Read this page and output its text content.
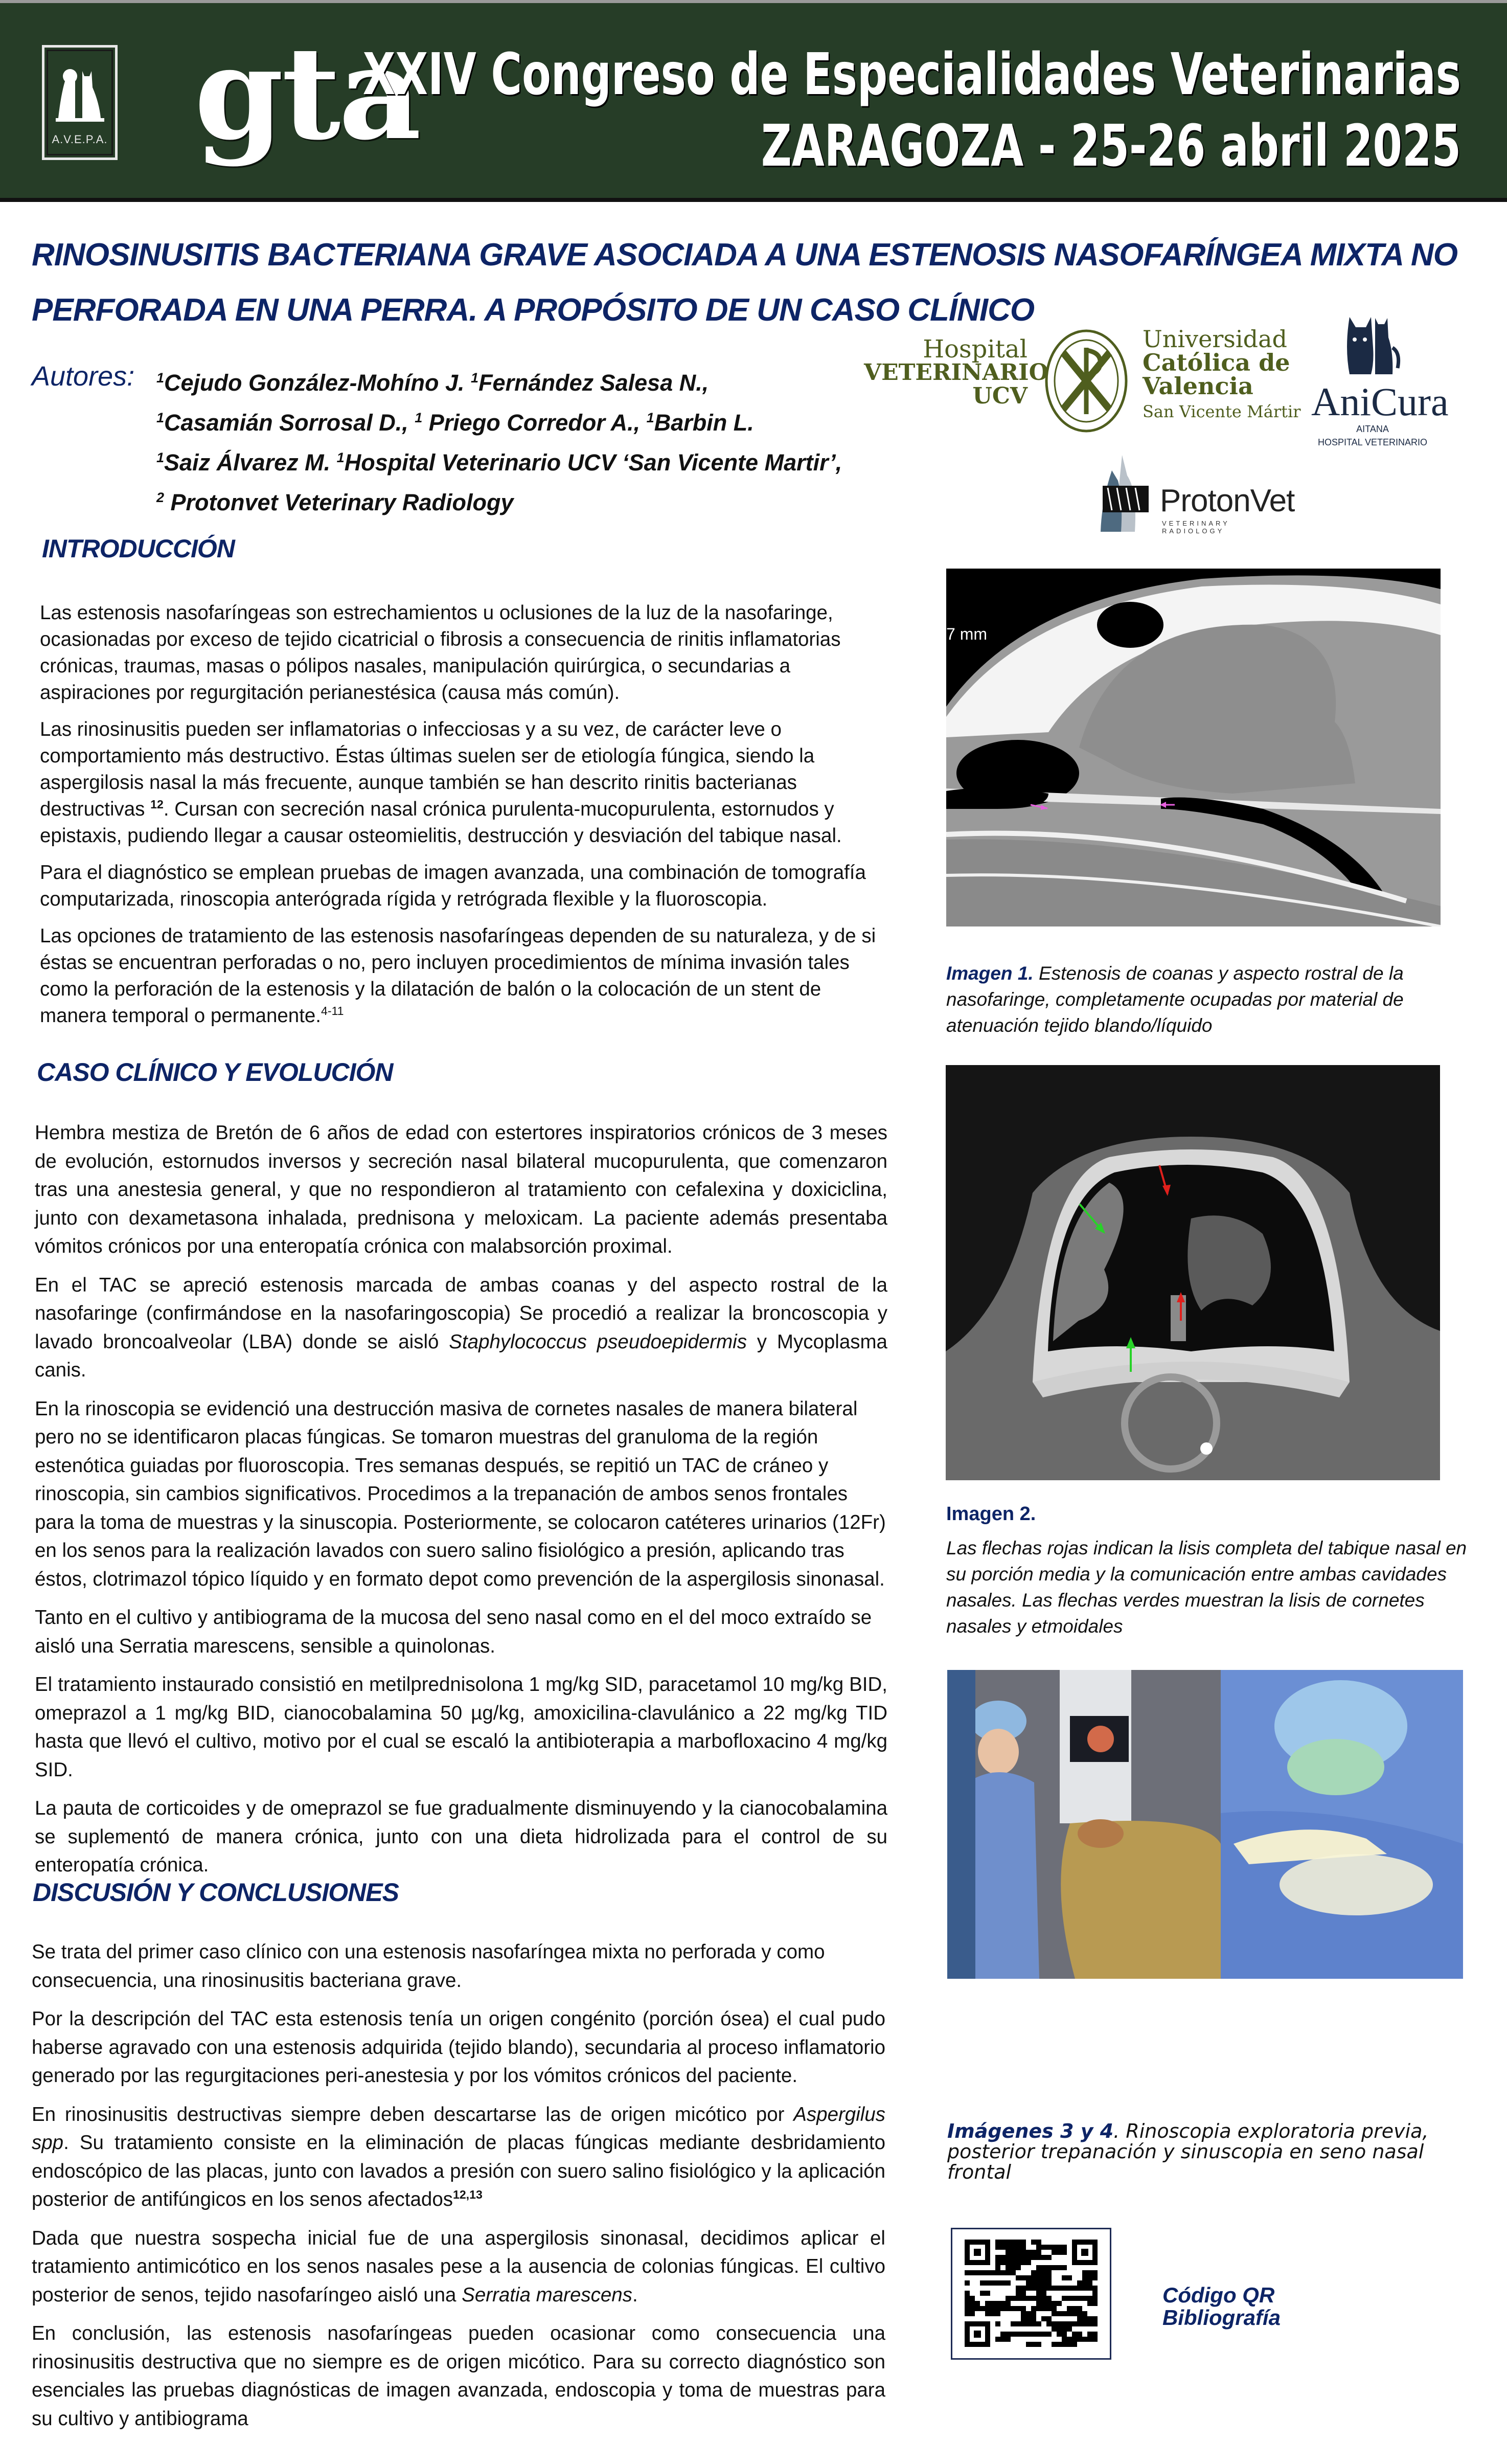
A.V.E.P.A. gta
XXIV Congreso de Especialidades Veterinarias
ZARAGOZA - 25-26 abril 2025
RINOSINUSITIS BACTERIANA GRAVE ASOCIADA A UNA ESTENOSIS NASOFARÍNGEA MIXTA NO
PERFORADA EN UNA PERRA. A PROPÓSITO DE UN CASO CLÍNICO
Autores: $^1$Cejudo González-Mohíno J. $^1$Fernández Salesa N.,
$^1$Casamián Sorrosal D., $^1$ Priego Corredor A., $^1$Barbin L.
$^1$Saiz Álvarez M. $^1$Hospital Veterinario UCV ‘San Vicente Martir’,
$^2$ Protonvet Veterinary Radiology
Hospital
VETERINARIO
UCV
Universidad
Católica de
Valencia
San Vicente Mártir AniCura
AITANA
HOSPITAL VETERINARIO
ProtonVet
VETERINARY RADIOLOGY
INTRODUCCIÓN

Las estenosis nasofaríngeas son estrechamientos u oclusiones de la luz de la nasofaringe, ocasionadas por exceso de tejido cicatricial o fibrosis a consecuencia de rinitis inflamatorias crónicas, traumas, masas o pólipos nasales, manipulación quirúrgica, o secundarias a aspiraciones por regurgitación perianestésica (causa más común).

Las rinosinusitis pueden ser inflamatorias o infecciosas y a su vez, de carácter leve o comportamiento más destructivo. Éstas últimas suelen ser de etiología fúngica, siendo la aspergilosis nasal la más frecuente, aunque también se han descrito rinitis bacterianas destructivas $^{12}$. Cursan con secreción nasal crónica purulenta-mucopurulenta, estornudos y epistaxis, pudiendo llegar a causar osteomielitis, destrucción y desviación del tabique nasal.

Para el diagnóstico se emplean pruebas de imagen avanzada, una combinación de tomografía computarizada, rinoscopia anterógrada rígida y retrógrada flexible y la fluoroscopia.

Las opciones de tratamiento de las estenosis nasofaríngeas dependen de su naturaleza, y de si éstas se encuentran perforadas o no, pero incluyen procedimientos de mínima invasión tales como la perforación de la estenosis y la dilatación de balón o la colocación de un stent de manera temporal o permanente.$^{4-11}$

CASO CLÍNICO Y EVOLUCIÓN

Hembra mestiza de Bretón de 6 años de edad con estertores inspiratorios crónicos de 3 meses de evolución, estornudos inversos y secreción nasal bilateral mucopurulenta, que comenzaron tras una anestesia general, y que no respondieron al tratamiento con cefalexina y doxiciclina, junto con dexametasona inhalada, prednisona y meloxicam. La paciente además presentaba vómitos crónicos por una enteropatía crónica con malabsorción proximal.

En el TAC se apreció estenosis marcada de ambas coanas y del aspecto rostral de la nasofaringe (confirmándose en la nasofaringoscopia) Se procedió a realizar la broncoscopia y lavado broncoalveolar (LBA) donde se aisló Staphylococcus pseudoepidermis y Mycoplasma canis.

En la rinoscopia se evidenció una destrucción masiva de cornetes nasales de manera bilateral pero no se identificaron placas fúngicas. Se tomaron muestras del granuloma de la región estenótica guiadas por fluoroscopia. Tres semanas después, se repitió un TAC de cráneo y rinoscopia, sin cambios significativos. Procedimos a la trepanación de ambos senos frontales para la toma de muestras y la sinuscopia. Posteriormente, se colocaron catéteres urinarios (12Fr) en los senos para la realización lavados con suero salino fisiológico a presión, aplicando tras éstos, clotrimazol tópico líquido y en formato depot como prevención de la aspergilosis sinonasal.

Tanto en el cultivo y antibiograma de la mucosa del seno nasal como en el del moco extraído se aisló una Serratia marescens, sensible a quinolonas.

El tratamiento instaurado consistió en metilprednisolona 1 mg/kg SID, paracetamol 10 mg/kg BID, omeprazol a 1 mg/kg BID, cianocobalamina 50 µg/kg, amoxicilina-clavulánico a 22 mg/kg TID hasta que llevó el cultivo, motivo por el cual se escaló la antibioterapia a marbofloxacino 4 mg/kg SID.

La pauta de corticoides y de omeprazol se fue gradualmente disminuyendo y la cianocobalamina se suplementó de manera crónica, junto con una dieta hidrolizada para el control de su enteropatía crónica.

DISCUSIÓN Y CONCLUSIONES

Se trata del primer caso clínico con una estenosis nasofaríngea mixta no perforada y como consecuencia, una rinosinusitis bacteriana grave.

Por la descripción del TAC esta estenosis tenía un origen congénito (porción ósea) el cual pudo haberse agravado con una estenosis adquirida (tejido blando), secundaria al proceso inflamatorio generado por las regurgitaciones peri-anestesia y por los vómitos crónicos del paciente.

En rinosinusitis destructivas siempre deben descartarse las de origen micótico por Aspergilus spp. Su tratamiento consiste en la eliminación de placas fúngicas mediante desbridamiento endoscópico de las placas, junto con lavados a presión con suero salino fisiológico y la aplicación posterior de antifúngicos en los senos afectados$^{12,13}$

Dada que nuestra sospecha inicial fue de una aspergilosis sinonasal, decidimos aplicar el tratamiento antimicótico en los senos nasales pese a la ausencia de colonias fúngicas. El cultivo posterior de senos, tejido nasofaríngeo aisló una Serratia marescens.

En conclusión, las estenosis nasofaríngeas pueden ocasionar como consecuencia una rinosinusitis destructiva que no siempre es de origen micótico. Para su correcto diagnóstico son esenciales las pruebas diagnósticas de imagen avanzada, endoscopia y toma de muestras para su cultivo y antibiograma

7 mm
Imagen 1. Estenosis de coanas y aspecto rostral de la nasofaringe, completamente ocupadas por material de atenuación tejido blando/líquido
Imagen 2.
Las flechas rojas indican la lisis completa del tabique nasal en su porción media y la comunicación entre ambas cavidades nasales. Las flechas verdes muestran la lisis de cornetes nasales y etmoidales
Imágenes 3 y 4. Rinoscopia exploratoria previa, posterior trepanación y sinuscopia en seno nasal frontal
Código QR
Bibliografía
